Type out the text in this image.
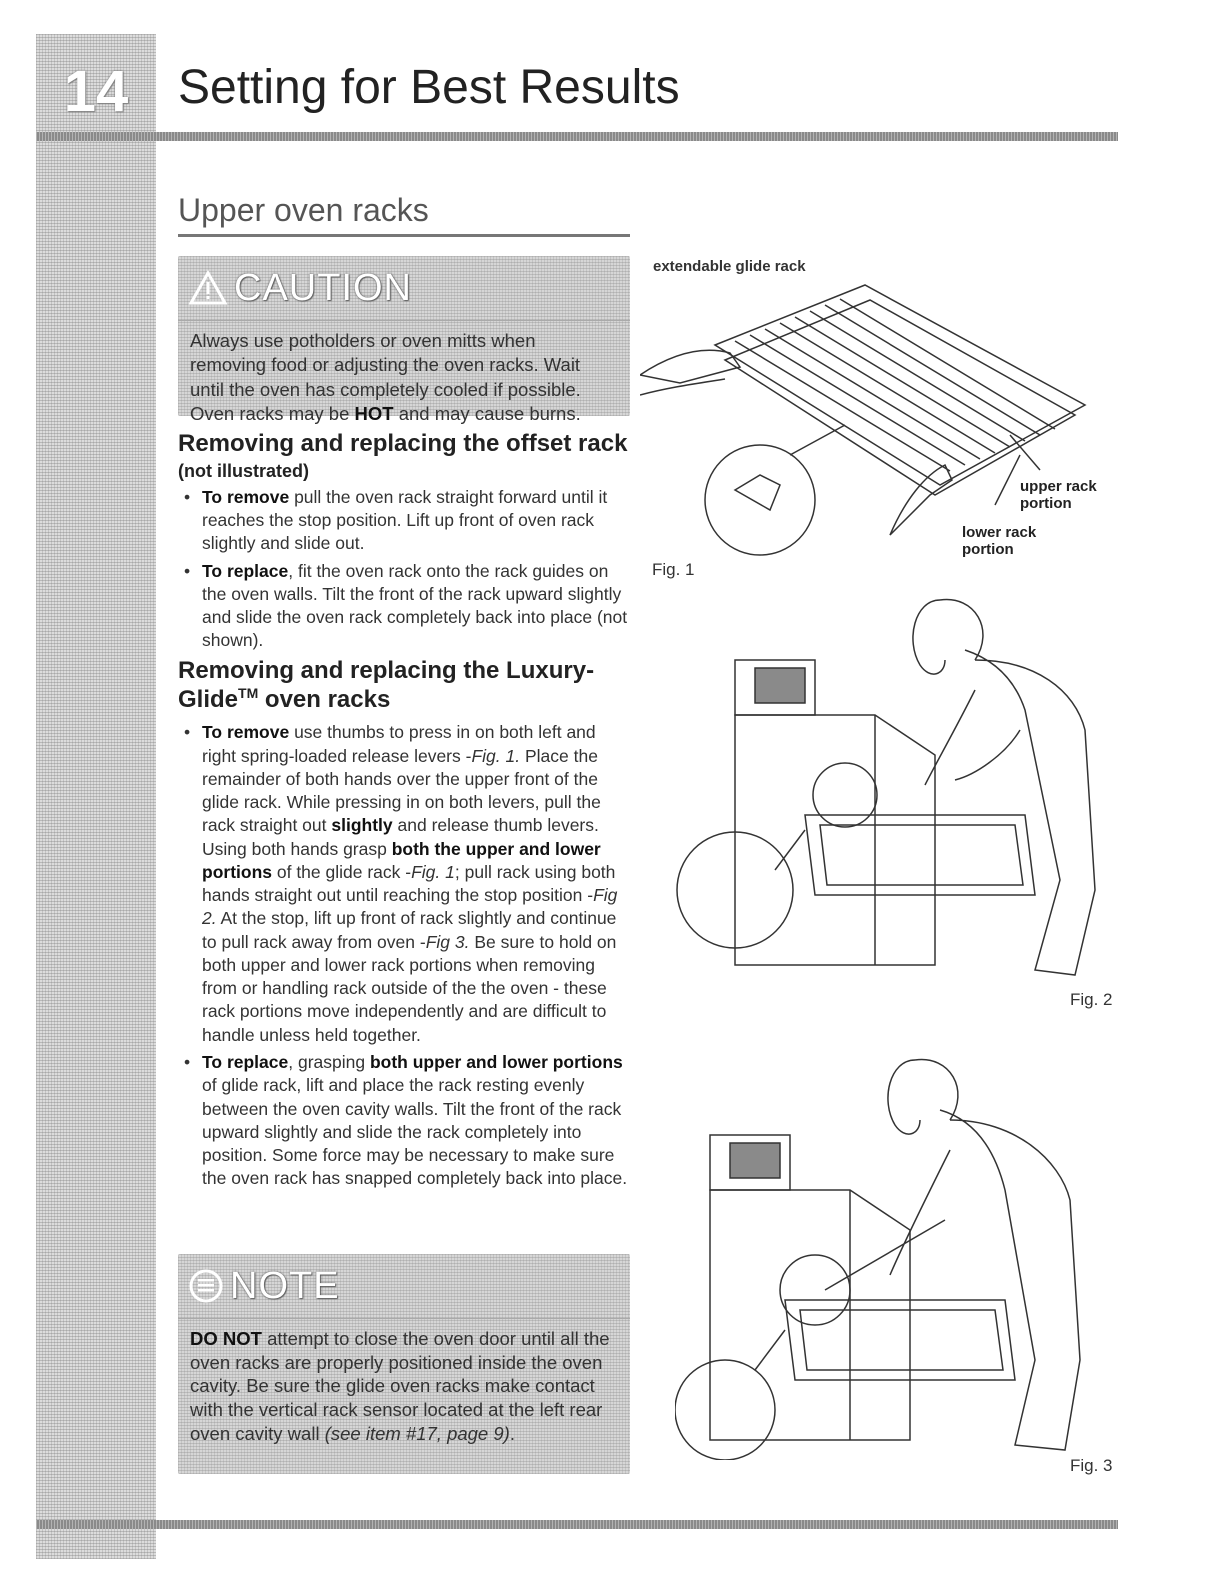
14	Setting for Best Results
Upper oven racks
CAUTION
Always use potholders or oven mitts when removing food or adjusting the oven racks. Wait until the oven has completely cooled if possible. Oven racks may be HOT and may cause burns.
Removing and replacing the offset rack
(not illustrated)
• To remove pull the oven rack straight forward until it reaches the stop position. Lift up front of oven rack slightly and slide out.
• To replace, fit the oven rack onto the rack guides on the oven walls. Tilt the front of the rack upward slightly and slide the oven rack completely back into place (not shown).
Removing and replacing the Luxury-Glide™ oven racks
• To remove use thumbs to press in on both left and right spring-loaded release levers -Fig. 1. Place the remainder of both hands over the upper front of the glide rack. While pressing in on both levers, pull the rack straight out slightly and release thumb levers. Using both hands grasp both the upper and lower portions of the glide rack -Fig. 1; pull rack using both hands straight out until reaching the stop position -Fig 2. At the stop, lift up front of rack slightly and continue to pull rack away from oven -Fig 3. Be sure to hold on both upper and lower rack portions when removing from or handling rack outside of the the oven - these rack portions move independently and are difficult to handle unless held together.
• To replace, grasping both upper and lower portions of glide rack, lift and place the rack resting evenly between the oven cavity walls. Tilt the front of the rack upward slightly and slide the rack completely into position. Some force may be necessary to make sure the oven rack has snapped completely back into place.
NOTE
DO NOT attempt to close the oven door until all the oven racks are properly positioned inside the oven cavity. Be sure the glide oven racks make contact with the vertical rack sensor located at the left rear oven cavity wall (see item #17, page 9).
extendable glide rack
upper rack
portion
lower rack
portion
Fig. 1
Fig. 2
Fig. 3
